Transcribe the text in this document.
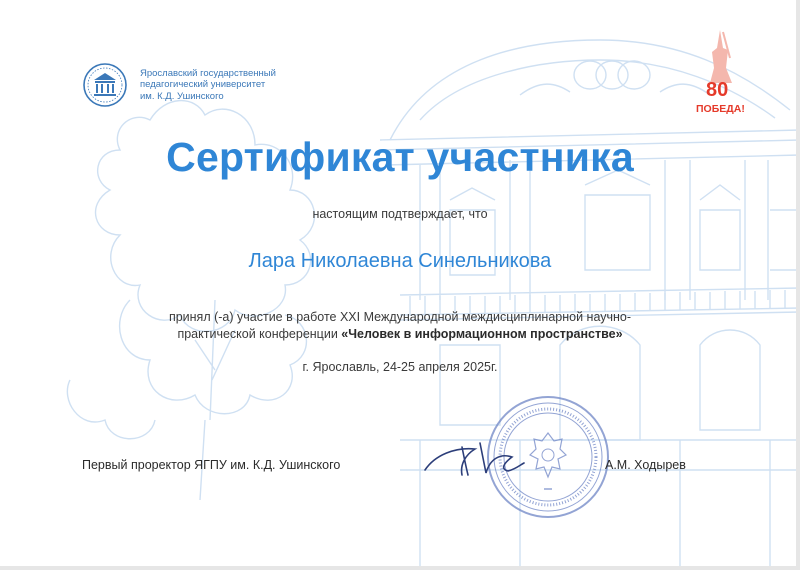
Ярославский государственный
педагогический университет
им. К.Д. Ушинского	80
ПОБЕДА!
Сертификат участника
настоящим подтверждает, что
Лара Николаевна Синельникова
принял (-а) участие в работе XXI Международной междисциплинарной научно-
практической конференции «Человек в информационном пространстве»
г. Ярославль, 24-25 апреля 2025г.
Первый проректор ЯГПУ им. К.Д. Ушинского	А.М. Ходырев
